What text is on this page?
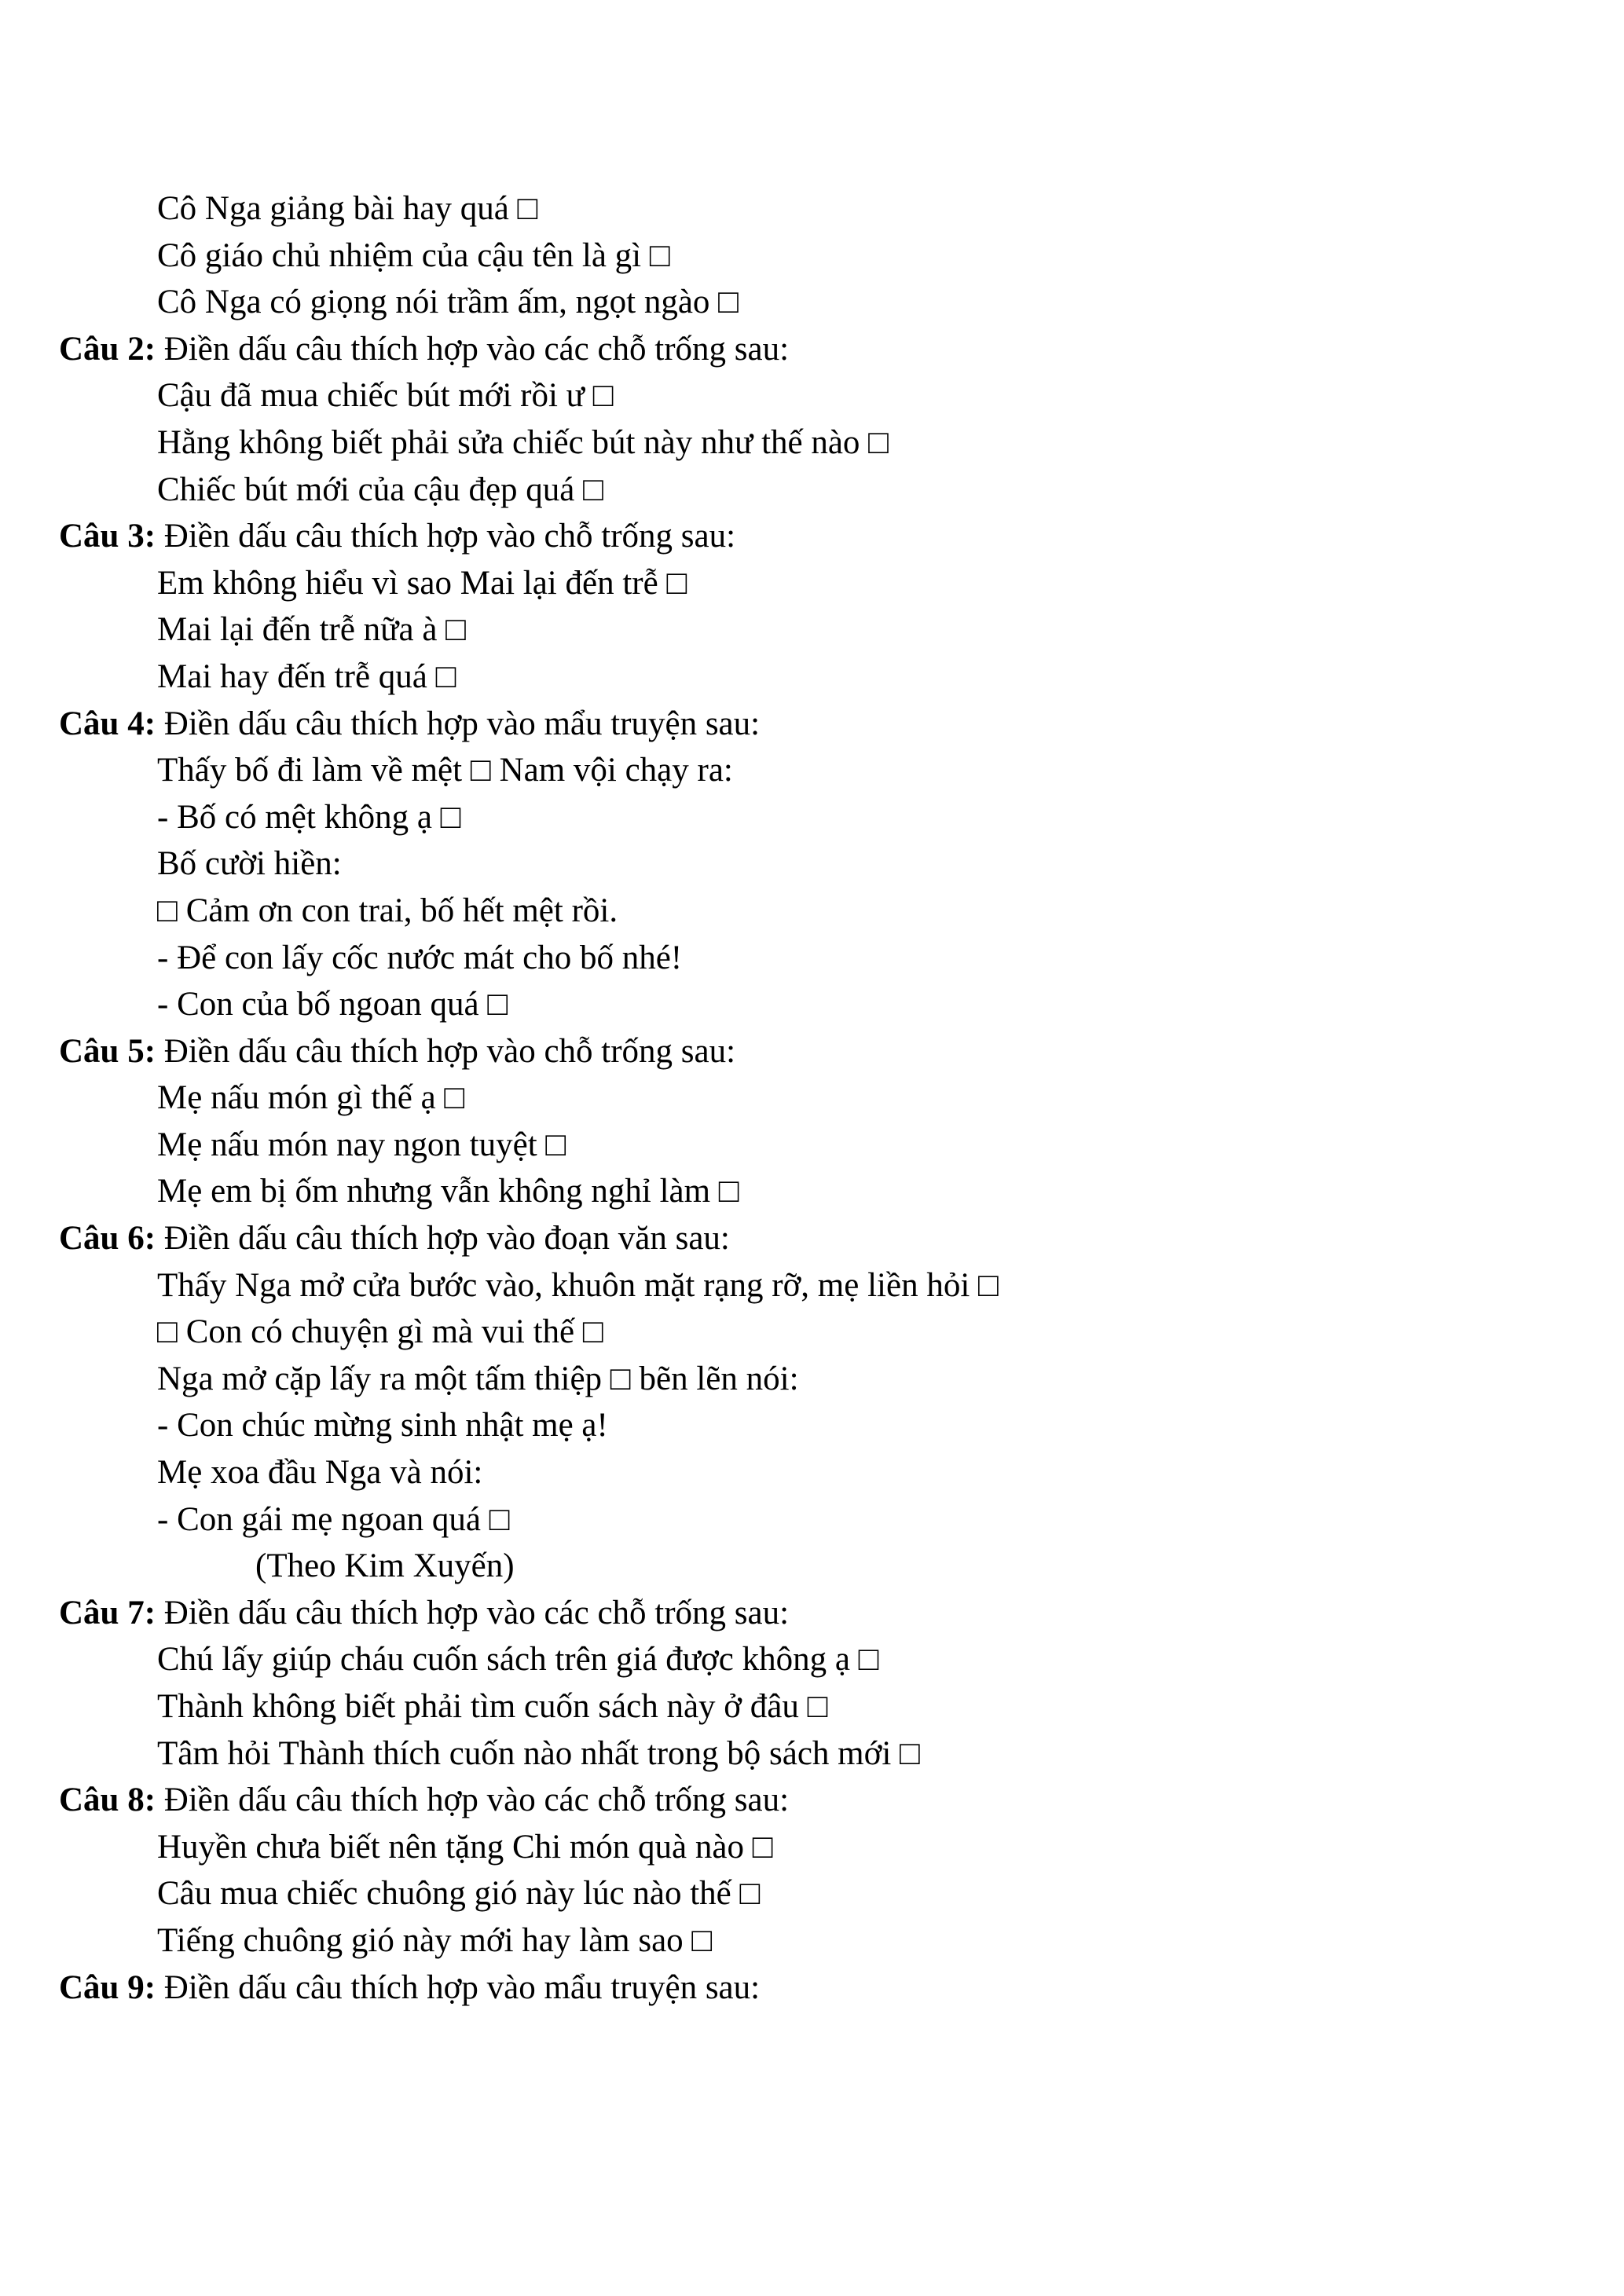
Cô Nga giảng bài hay quá □
Cô giáo chủ nhiệm của cậu tên là gì □
Cô Nga có giọng nói trầm ấm, ngọt ngào □
Câu 2: Điền dấu câu thích hợp vào các chỗ trống sau:
Cậu đã mua chiếc bút mới rồi ư □
Hằng không biết phải sửa chiếc bút này như thế nào □
Chiếc bút mới của cậu đẹp quá □
Câu 3: Điền dấu câu thích hợp vào chỗ trống sau:
Em không hiểu vì sao Mai lại đến trễ □
Mai lại đến trễ nữa à □
Mai hay đến trễ quá □
Câu 4: Điền dấu câu thích hợp vào mẩu truyện sau:
Thấy bố đi làm về mệt □ Nam vội chạy ra:
- Bố có mệt không ạ □
Bố cười hiền:
□ Cảm ơn con trai, bố hết mệt rồi.
- Để con lấy cốc nước mát cho bố nhé!
- Con của bố ngoan quá □
Câu 5: Điền dấu câu thích hợp vào chỗ trống sau:
Mẹ nấu món gì thế ạ □
Mẹ nấu món nay ngon tuyệt □
Mẹ em bị ốm nhưng vẫn không nghỉ làm □
Câu 6: Điền dấu câu thích hợp vào đoạn văn sau:
Thấy Nga mở cửa bước vào, khuôn mặt rạng rỡ, mẹ liền hỏi □
□ Con có chuyện gì mà vui thế □
Nga mở cặp lấy ra một tấm thiệp □ bẽn lẽn nói:
- Con chúc mừng sinh nhật mẹ ạ!
Mẹ xoa đầu Nga và nói:
- Con gái mẹ ngoan quá □
(Theo Kim Xuyến)
Câu 7: Điền dấu câu thích hợp vào các chỗ trống sau:
Chú lấy giúp cháu cuốn sách trên giá được không ạ □
Thành không biết phải tìm cuốn sách này ở đâu □
Tâm hỏi Thành thích cuốn nào nhất trong bộ sách mới □
Câu 8: Điền dấu câu thích hợp vào các chỗ trống sau:
Huyền chưa biết nên tặng Chi món quà nào □
Câu mua chiếc chuông gió này lúc nào thế □
Tiếng chuông gió này mới hay làm sao □
Câu 9: Điền dấu câu thích hợp vào mẩu truyện sau:
